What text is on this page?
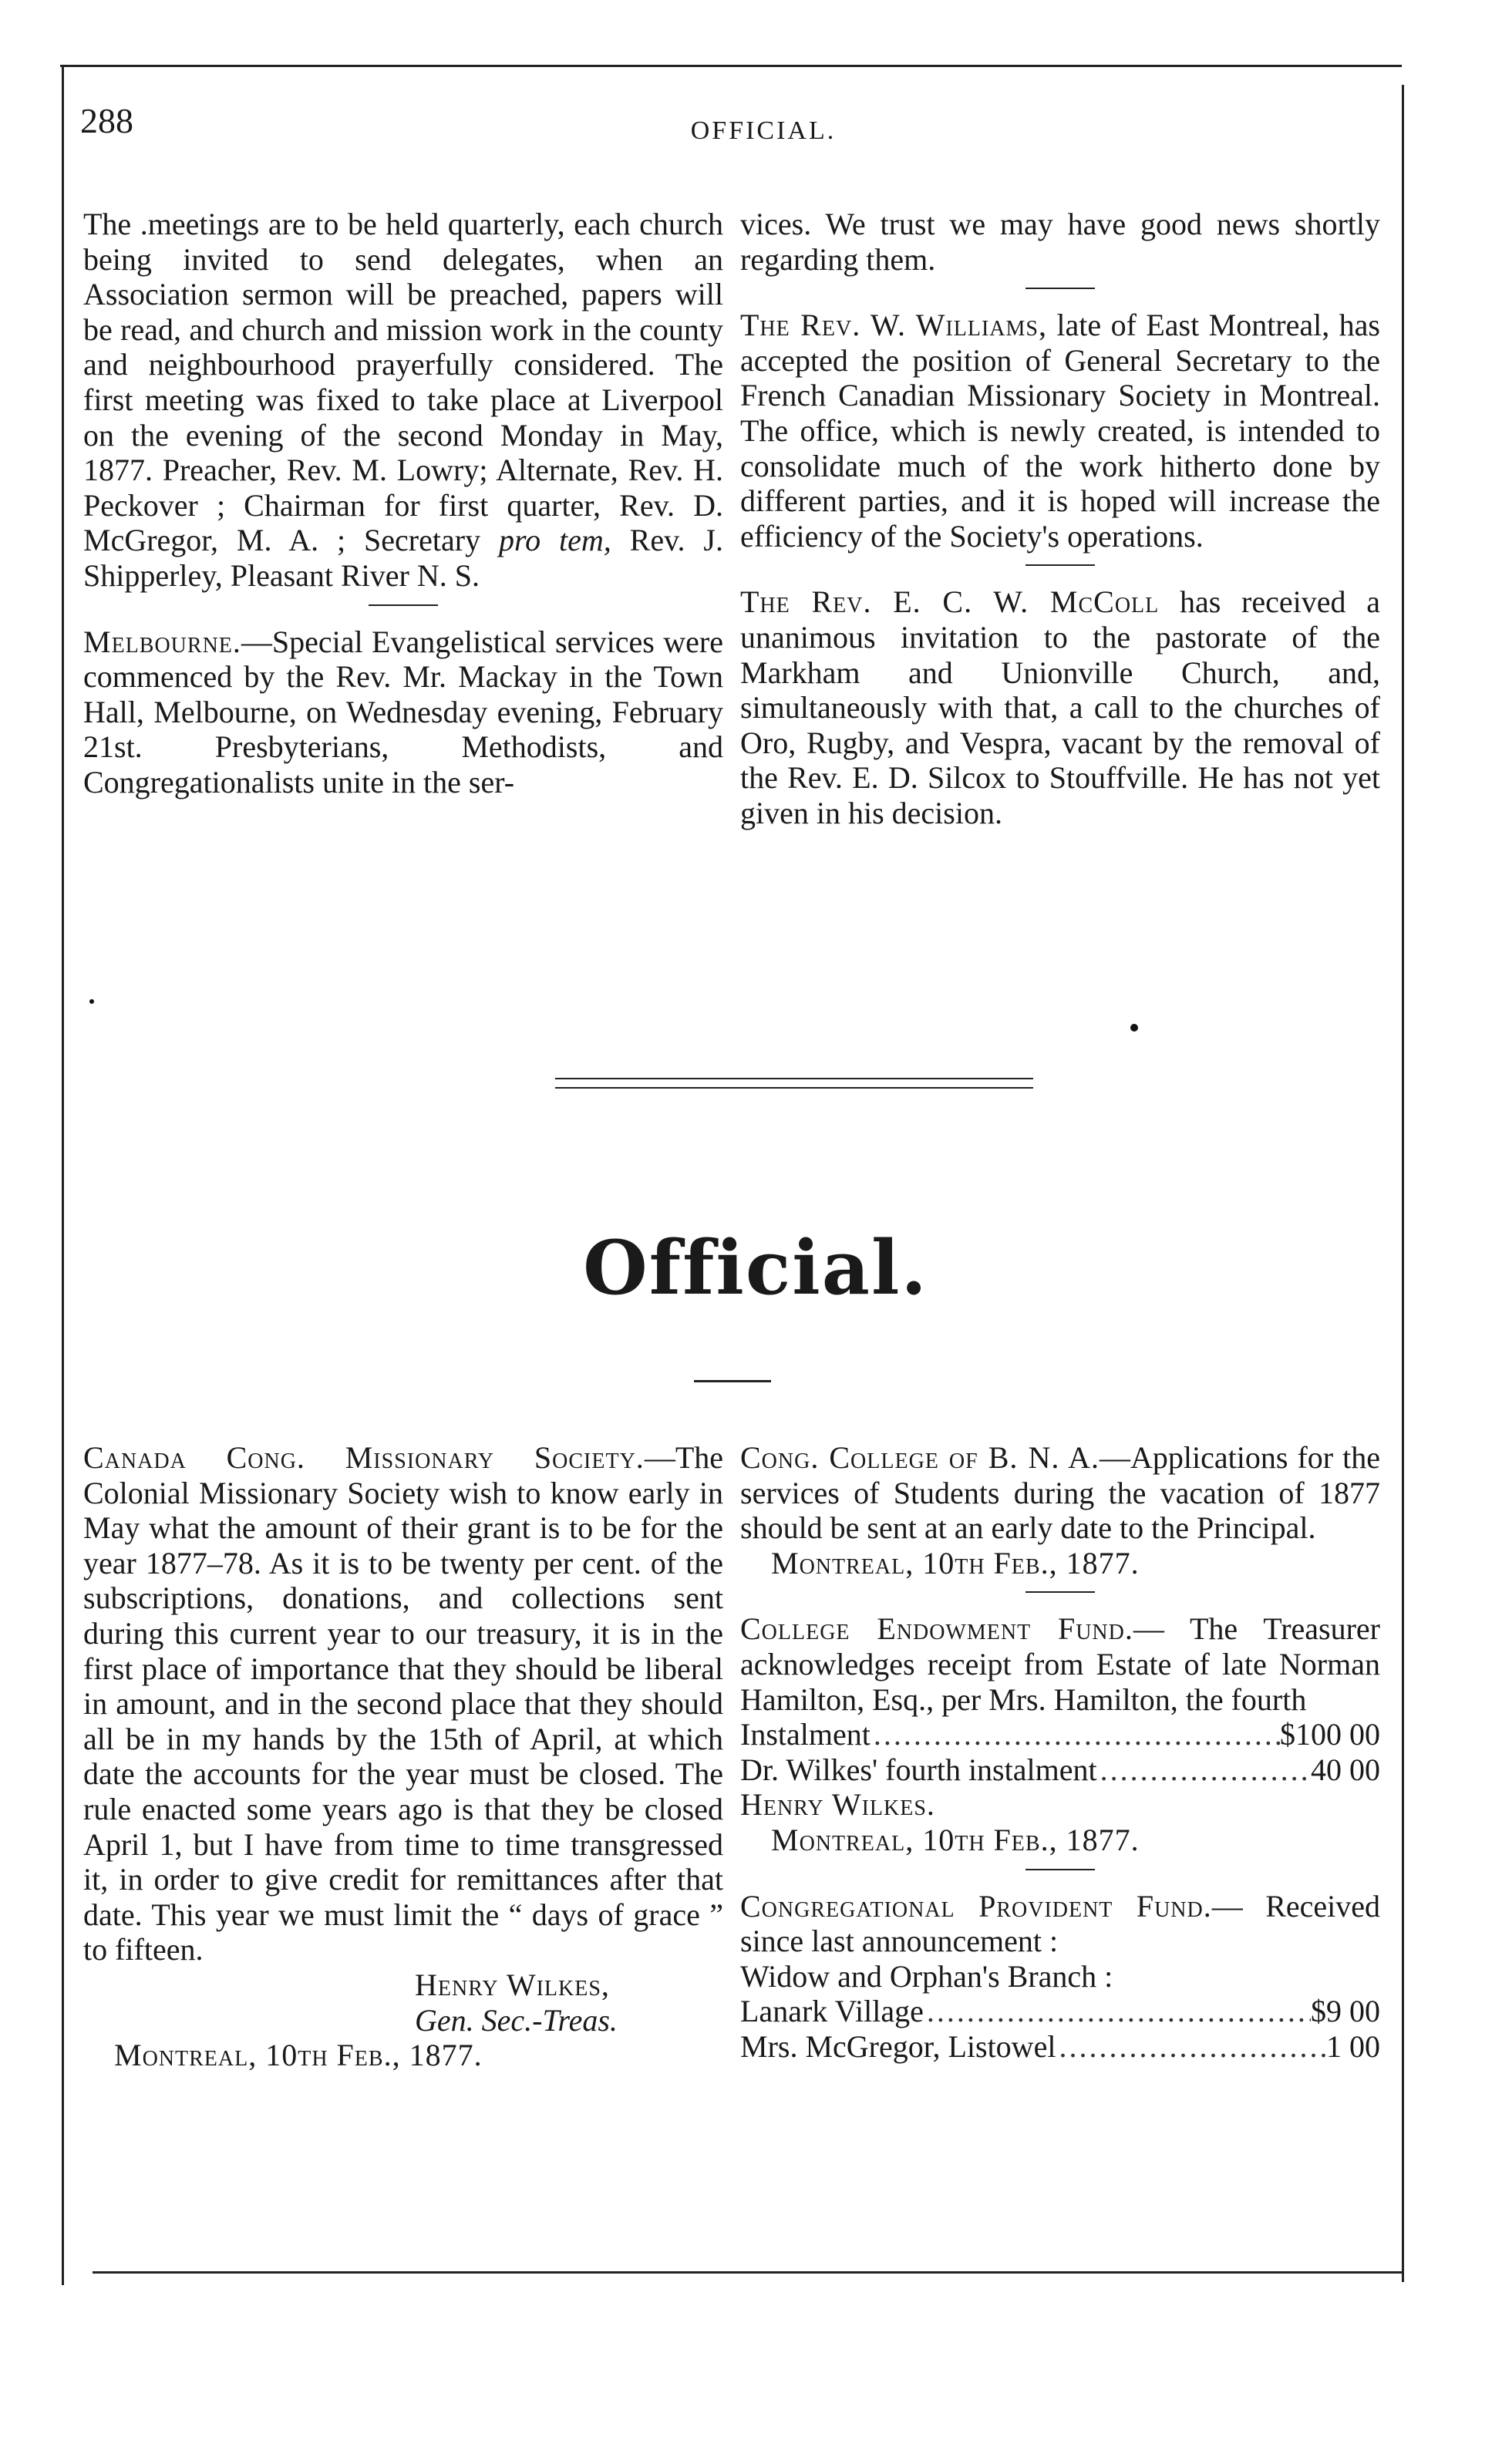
288	OFFICIAL.

The .meetings are to be held quarterly, each church being invited to send delegates, when an Association sermon will be preached, papers will be read, and church and mission work in the county and neighbourhood prayerfully considered. The first meeting was fixed to take place at Liverpool on the evening of the second Monday in May, 1877. Preacher, Rev. M. Lowry; Alternate, Rev. H. Peckover ; Chairman for first quarter, Rev. D. McGregor, M. A. ; Secretary pro tem, Rev. J. Shipperley, Pleasant River N. S.

Melbourne.—Special Evangelistical services were commenced by the Rev. Mr. Mackay in the Town Hall, Melbourne, on Wednesday evening, February 21st. Presbyterians, Methodists, and Congregationalists unite in the ser-

vices. We trust we may have good news shortly regarding them.

The Rev. W. Williams, late of East Montreal, has accepted the position of General Secretary to the French Canadian Missionary Society in Montreal. The office, which is newly created, is intended to consolidate much of the work hitherto done by different parties, and it is hoped will increase the efficiency of the Society's operations.

The Rev. E. C. W. McColl has received a unanimous invitation to the pastorate of the Markham and Unionville Church, and, simultaneously with that, a call to the churches of Oro, Rugby, and Vespra, vacant by the removal of the Rev. E. D. Silcox to Stouffville. He has not yet given in his decision.

Official.

Canada Cong. Missionary Society.—The Colonial Missionary Society wish to know early in May what the amount of their grant is to be for the year 1877–78. As it is to be twenty per cent. of the subscriptions, donations, and collections sent during this current year to our treasury, it is in the first place of importance that they should be liberal in amount, and in the second place that they should all be in my hands by the 15th of April, at which date the accounts for the year must be closed. The rule enacted some years ago is that they be closed April 1, but I have from time to time transgressed it, in order to give credit for remittances after that date. This year we must limit the “ days of grace ” to fifteen.

Henry Wilkes,

Gen. Sec.-Treas.

Montreal, 10th Feb., 1877.

Cong. College of B. N. A.—Applications for the services of Students during the vacation of 1877 should be sent at an early date to the Principal.

Montreal, 10th Feb., 1877.

College Endowment Fund.— The Treasurer acknowledges receipt from Estate of late Norman Hamilton, Esq., per Mrs. Hamilton, the fourth

Instalment .....	$100 00
Dr. Wilkes' fourth instalment .....	40 00

Henry Wilkes.

Montreal, 10th Feb., 1877.

Congregational Provident Fund.— Received since last announcement :

Widow and Orphan's Branch :

Lanark Village .....	$9 00
Mrs. McGregor, Listowel .....	1 00
